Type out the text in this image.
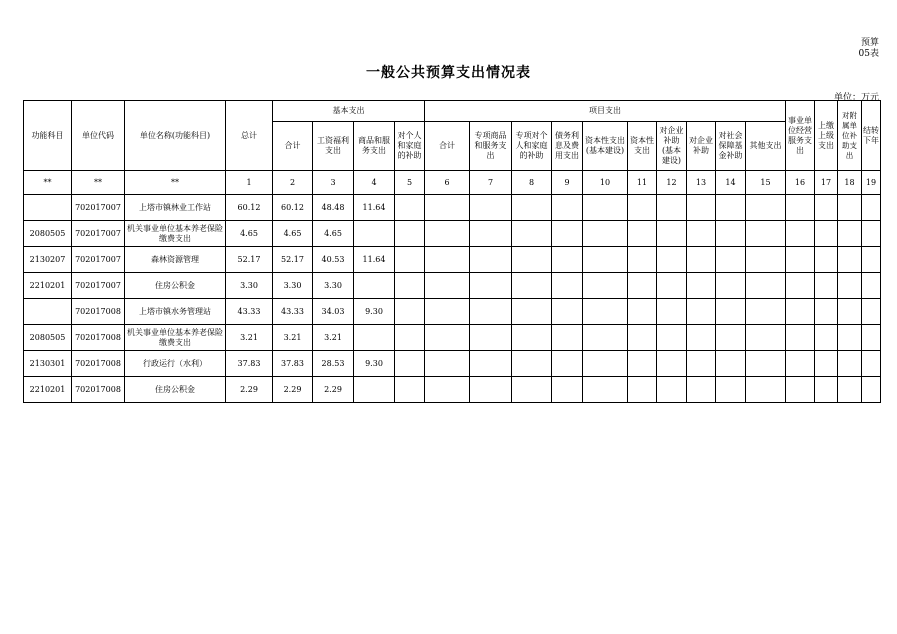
预算
05表
一般公共预算支出情况表
单位：万元
功能科目	单位代码	单位名称(功能科目)	总计	基本支出				项目支出										事业单位经营服务支出	上缴上级支出	对附属单位补助支出	结转下年
				合计	工资福利支出	商品和服务支出	对个人和家庭的补助	合计	专项商品和服务支出	专项对个人和家庭的补助	债务利息及费用支出	资本性支出(基本建设)	资本性支出	对企业补助(基本建设)	对企业补助	对社会保障基金补助	其他支出				
**	**	**	1	2	3	4	5	6	7	8	9	10	11	12	13	14	15	16	17	18	19
	702017007	上塔市镇林业工作站	60.12	60.12	48.48	11.64															
2080505	702017007	机关事业单位基本养老保险缴费支出	4.65	4.65	4.65																
2130207	702017007	森林资源管理	52.17	52.17	40.53	11.64															
2210201	702017007	住房公积金	3.30	3.30	3.30																
	702017008	上塔市镇水务管理站	43.33	43.33	34.03	9.30															
2080505	702017008	机关事业单位基本养老保险缴费支出	3.21	3.21	3.21																
2130301	702017008	行政运行（水利）	37.83	37.83	28.53	9.30															
2210201	702017008	住房公积金	2.29	2.29	2.29																
